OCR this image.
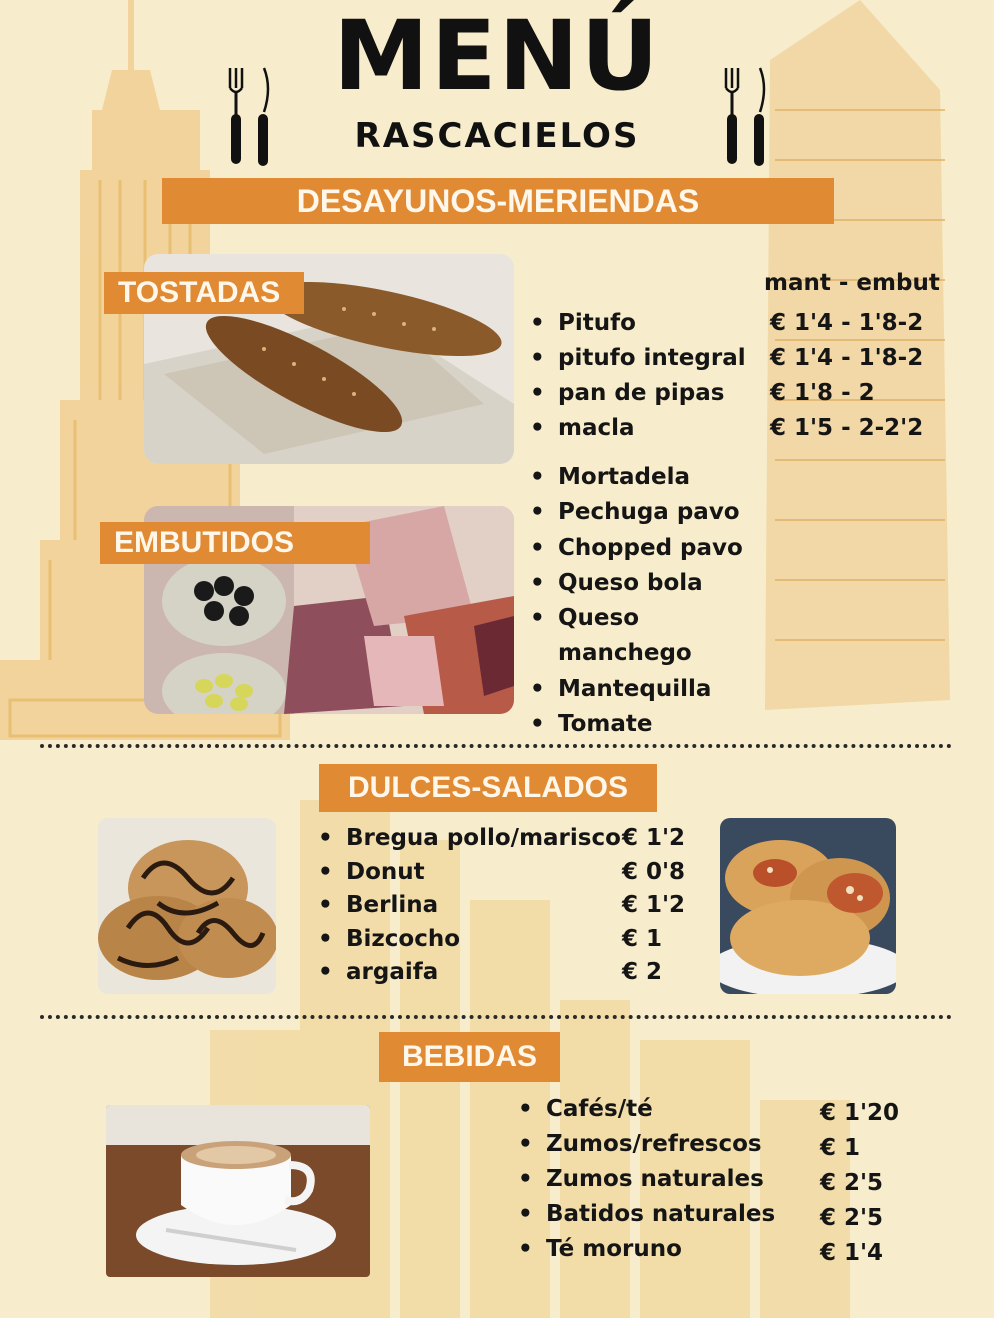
MENÚ
RASCACIELOS
DESAYUNOS-MERIENDAS
TOSTADAS
• Pitufo
• pitufo integral
• pan de pipas
• macla
mant - embut
€ 1'4 - 1'8-2
€ 1'4 - 1'8-2
€ 1'8 - 2
€ 1'5 - 2-2'2
EMBUTIDOS
• Mortadela
• Pechuga pavo
• Chopped pavo
• Queso bola
• Queso manchego
• Mantequilla
• Tomate
DULCES-SALADOS
• Bregua pollo/marisco
• Donut
• Berlina
• Bizcocho
• argaifa
€ 1'2
€ 0'8
€ 1'2
€ 1
€ 2
BEBIDAS
• Cafés/té
• Zumos/refrescos
• Zumos naturales
• Batidos naturales
• Té moruno
€ 1'20
€ 1
€ 2'5
€ 2'5
€ 1'4
